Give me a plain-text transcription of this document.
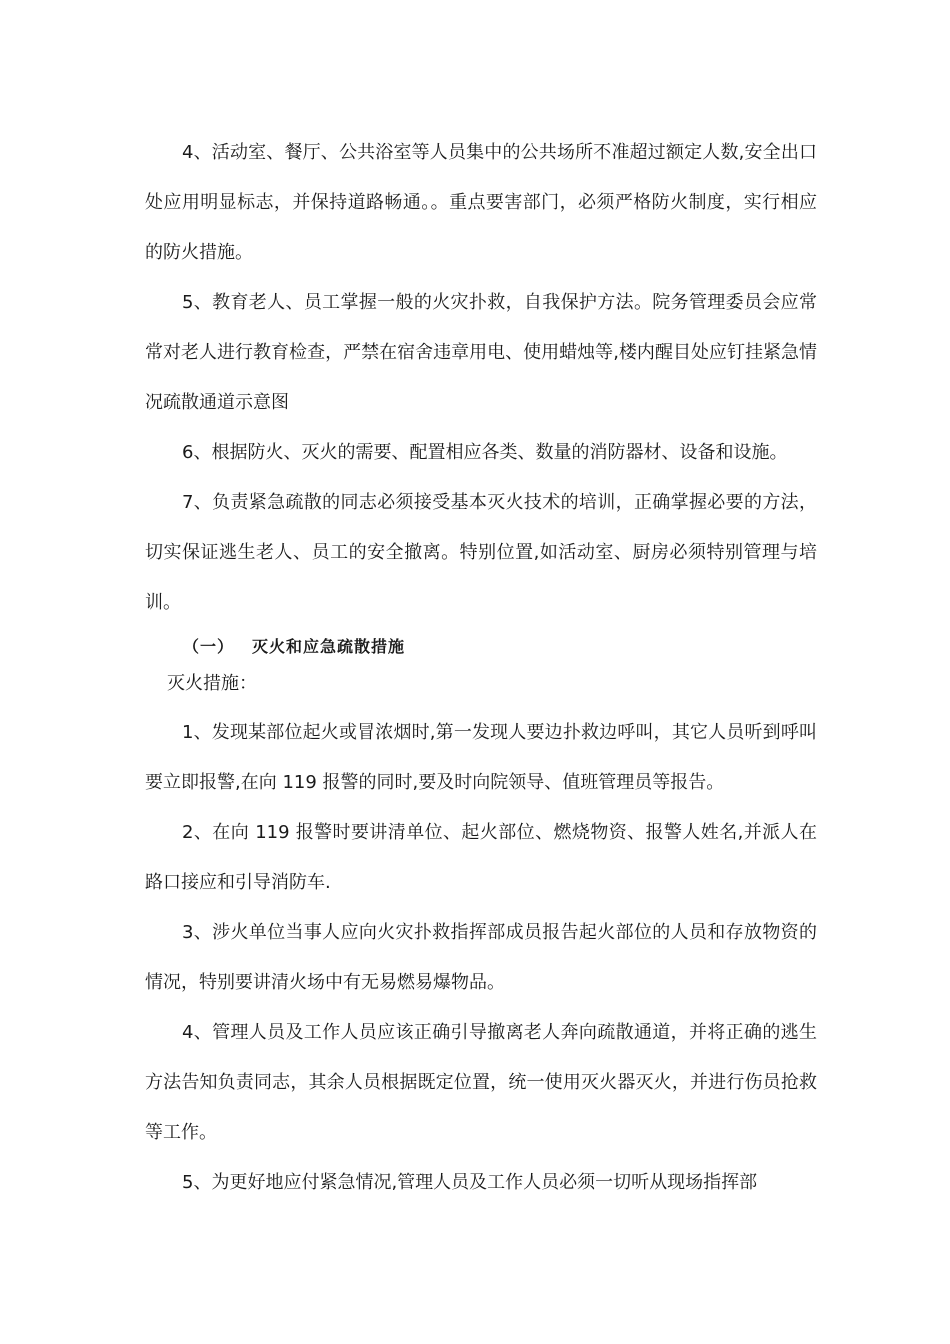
4、活动室、餐厅、公共浴室等人员集中的公共场所不准超过额定人数,安全出口处应用明显标志，并保持道路畅通。。重点要害部门，必须严格防火制度，实行相应的防火措施。

5、教育老人、员工掌握一般的火灾扑救，自我保护方法。院务管理委员会应常常对老人进行教育检查，严禁在宿舍违章用电、使用蜡烛等,楼内醒目处应钉挂紧急情况疏散通道示意图

6、根据防火、灭火的需要、配置相应各类、数量的消防器材、设备和设施。

7、负责紧急疏散的同志必须接受基本灭火技术的培训，正确掌握必要的方法，切实保证逃生老人、员工的安全撤离。特别位置,如活动室、厨房必须特别管理与培训。

（一） 灭火和应急疏散措施

灭火措施：

1、发现某部位起火或冒浓烟时,第一发现人要边扑救边呼叫，其它人员听到呼叫要立即报警,在向 119 报警的同时,要及时向院领导、值班管理员等报告。

2、在向 119 报警时要讲清单位、起火部位、燃烧物资、报警人姓名,并派人在路口接应和引导消防车.

3、涉火单位当事人应向火灾扑救指挥部成员报告起火部位的人员和存放物资的情况，特别要讲清火场中有无易燃易爆物品。

4、管理人员及工作人员应该正确引导撤离老人奔向疏散通道，并将正确的逃生方法告知负责同志，其余人员根据既定位置，统一使用灭火器灭火，并进行伤员抢救等工作。

5、为更好地应付紧急情况,管理人员及工作人员必须一切听从现场指挥部
